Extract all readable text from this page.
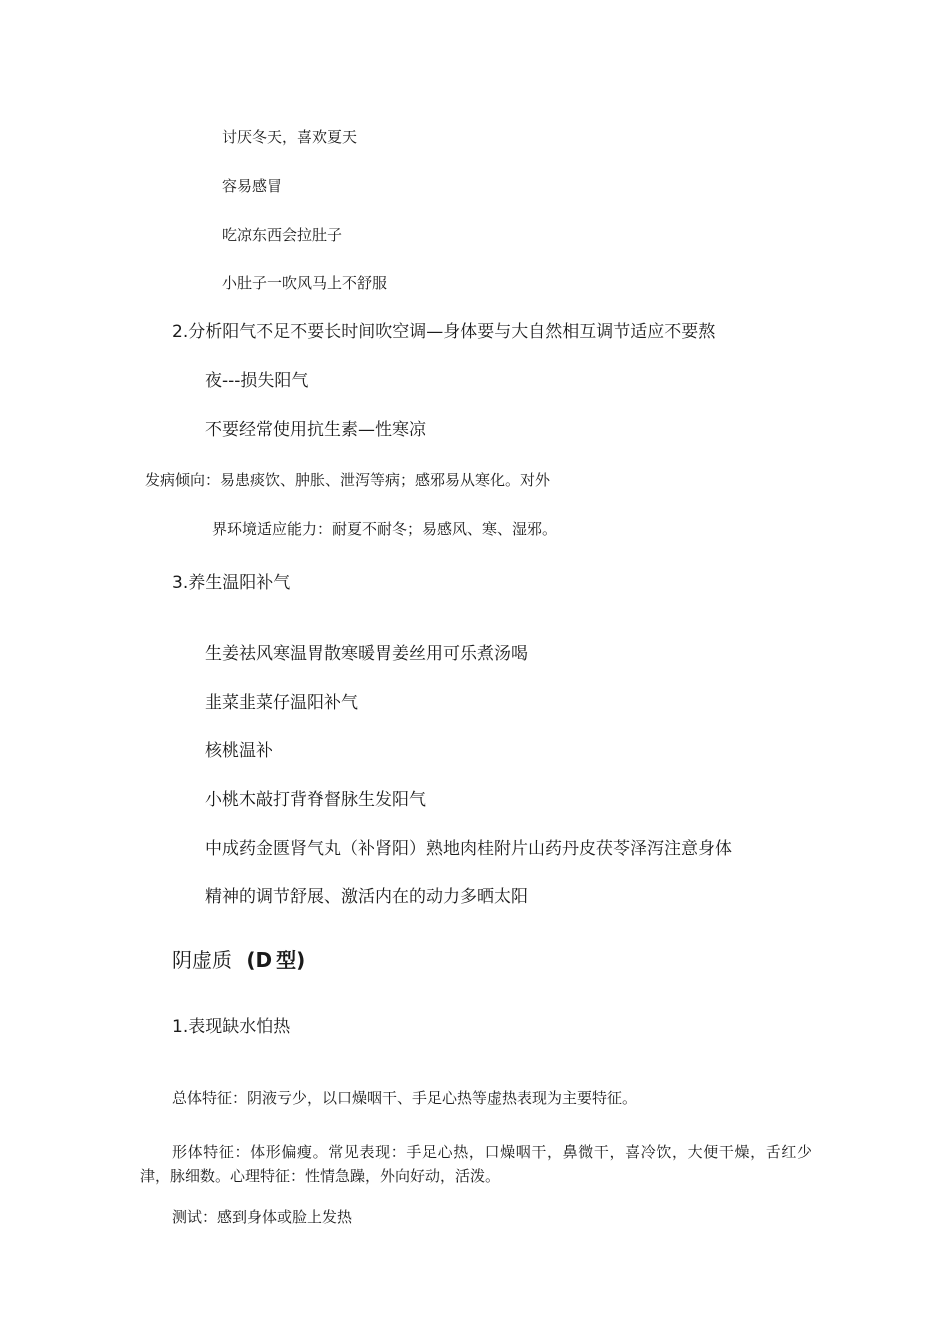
讨厌冬天，喜欢夏天
容易感冒
吃凉东西会拉肚子
小肚子一吹风马上不舒服
2.分析阳气不足不要长时间吹空调—身体要与大自然相互调节适应不要熬
夜---损失阳气
不要经常使用抗生素—性寒凉
发病倾向：易患痰饮、肿胀、泄泻等病；感邪易从寒化。对外
界环境适应能力：耐夏不耐冬；易感风、寒、湿邪。
3.养生温阳补气
生姜祛风寒温胃散寒暖胃姜丝用可乐煮汤喝
韭菜韭菜仔温阳补气
核桃温补
小桃木敲打背脊督脉生发阳气
中成药金匮肾气丸（补肾阳）熟地肉桂附片山药丹皮茯苓泽泻注意身体
精神的调节舒展、激活内在的动力多晒太阳
阴虚质 (D 型)
1.表现缺水怕热
总体特征：阴液亏少，以口燥咽干、手足心热等虚热表现为主要特征。
形体特征：体形偏瘦。常见表现：手足心热，口燥咽干，鼻微干，喜冷饮，大便干燥，舌红少津，脉细数。心理特征：性情急躁，外向好动，活泼。
测试：感到身体或脸上发热
